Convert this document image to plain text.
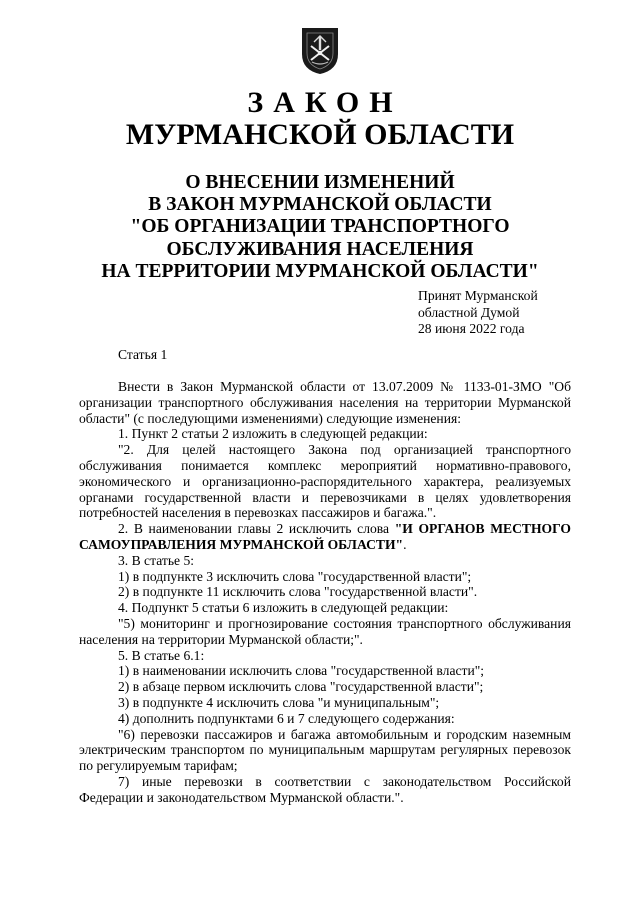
ЗАКОН
МУРМАНСКОЙ ОБЛАСТИ
О ВНЕСЕНИИ ИЗМЕНЕНИЙ
В ЗАКОН МУРМАНСКОЙ ОБЛАСТИ
"ОБ ОРГАНИЗАЦИИ ТРАНСПОРТНОГО
ОБСЛУЖИВАНИЯ НАСЕЛЕНИЯ
НА ТЕРРИТОРИИ МУРМАНСКОЙ ОБЛАСТИ"
Принят Мурманской
областной Думой
28 июня 2022 года
Статья 1

Внести в Закон Мурманской области от 13.07.2009 № 1133-01-ЗМО "Об организации транспортного обслуживания населения на территории Мурманской области" (с последующими изменениями) следующие изменения:

1. Пункт 2 статьи 2 изложить в следующей редакции:

"2. Для целей настоящего Закона под организацией транспортного обслуживания понимается комплекс мероприятий нормативно-правового, экономического и организационно-распорядительного характера, реализуемых органами государственной власти и перевозчиками в целях удовлетворения потребностей населения в перевозках пассажиров и багажа.".

2. В наименовании главы 2 исключить слова "И ОРГАНОВ МЕСТНОГО САМОУПРАВЛЕНИЯ МУРМАНСКОЙ ОБЛАСТИ".

3. В статье 5:

1) в подпункте 3 исключить слова "государственной власти";

2) в подпункте 11 исключить слова "государственной власти".

4. Подпункт 5 статьи 6 изложить в следующей редакции:

"5) мониторинг и прогнозирование состояния транспортного обслуживания населения на территории Мурманской области;".

5. В статье 6.1:

1) в наименовании исключить слова "государственной власти";

2) в абзаце первом исключить слова "государственной власти";

3) в подпункте 4 исключить слова "и муниципальным";

4) дополнить подпунктами 6 и 7 следующего содержания:

"6) перевозки пассажиров и багажа автомобильным и городским наземным электрическим транспортом по муниципальным маршрутам регулярных перевозок по регулируемым тарифам;

7) иные перевозки в соответствии с законодательством Российской Федерации и законодательством Мурманской области.".
